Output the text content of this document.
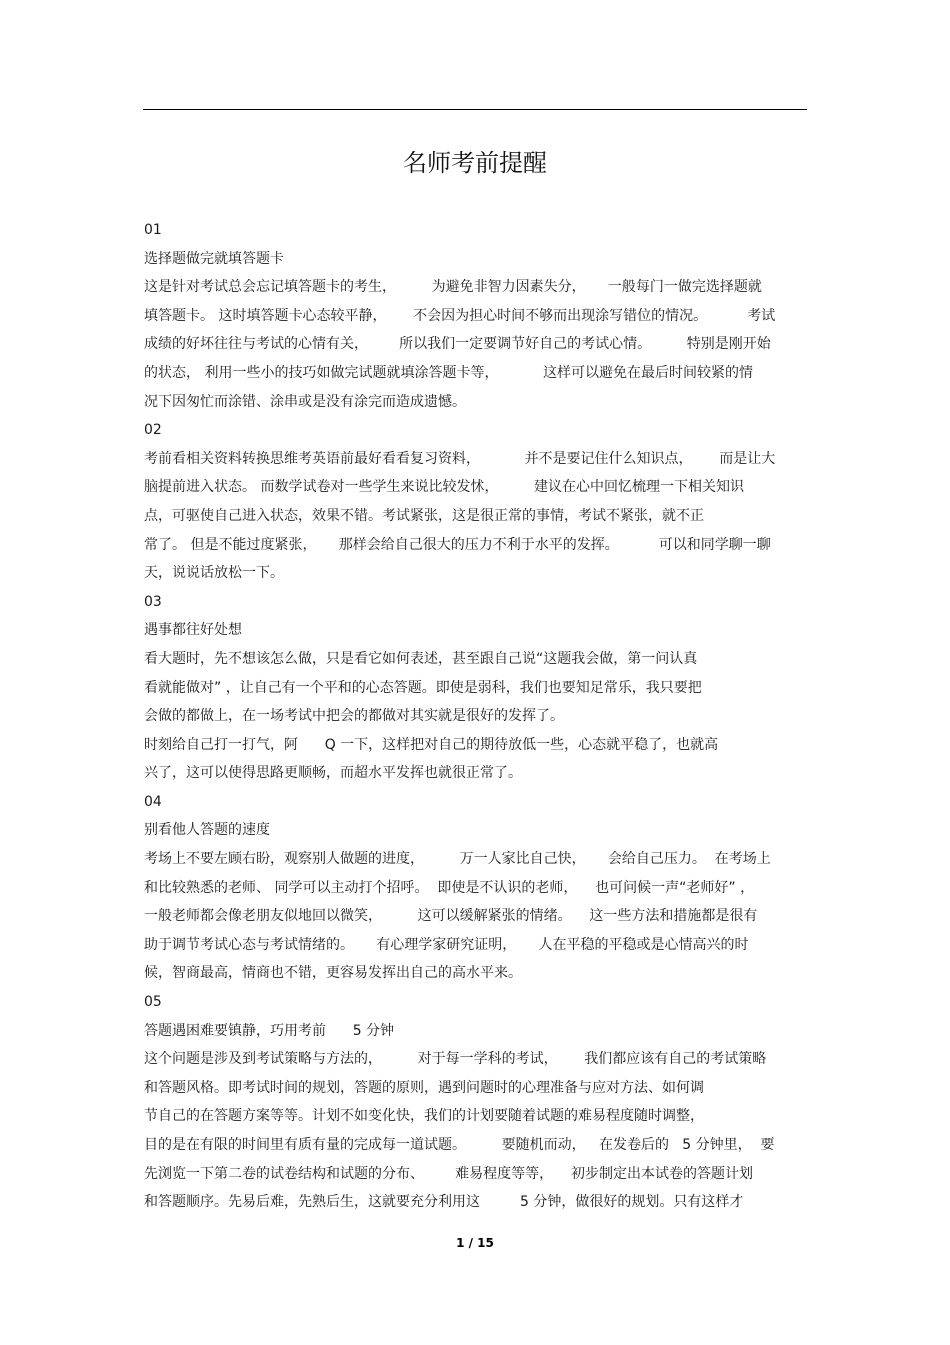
名师考前提醒
01
选择题做完就填答题卡
这是针对考试总会忘记填答题卡的考生，        为避免非智力因素失分，     一般每门一做完选择题就
填答题卡。 这时填答题卡心态较平静，      不会因为担心时间不够而出现涂写错位的情况。         考试
成绩的好坏往往与考试的心情有关，       所以我们一定要调节好自己的考试心情。        特别是刚开始
的状态， 利用一些小的技巧如做完试题就填涂答题卡等，          这样可以避免在最后时间较紧的情
况下因匆忙而涂错、涂串或是没有涂完而造成遗憾。
02
考前看相关资料转换思维考英语前最好看看复习资料，          并不是要记住什么知识点，      而是让大
脑提前进入状态。 而数学试卷对一些学生来说比较发怵，        建议在心中回忆梳理一下相关知识
点，可驱使自己进入状态，效果不错。考试紧张，这是很正常的事情，考试不紧张，就不正
常了。 但是不能过度紧张，     那样会给自己很大的压力不利于水平的发挥。         可以和同学聊一聊
天，说说话放松一下。
03
遇事都往好处想
看大题时，先不想该怎么做，只是看它如何表述，甚至跟自己说“这题我会做，第一问认真
看就能做对” ，让自己有一个平和的心态答题。即使是弱科，我们也要知足常乐，我只要把
会做的都做上，在一场考试中把会的都做对其实就是很好的发挥了。
时刻给自己打一打气，阿      Q 一下，这样把对自己的期待放低一些，心态就平稳了，也就高
兴了，这可以使得思路更顺畅，而超水平发挥也就很正常了。
04
别看他人答题的速度
考场上不要左顾右盼，观察别人做题的进度，        万一人家比自己快，     会给自己压力。  在考场上
和比较熟悉的老师、 同学可以主动打个招呼。  即使是不认识的老师，    也可问候一声“老师好” ，
一般老师都会像老朋友似地回以微笑，        这可以缓解紧张的情绪。    这一些方法和措施都是很有
助于调节考试心态与考试情绪的。     有心理学家研究证明，     人在平稳的平稳或是心情高兴的时
候，智商最高，情商也不错，更容易发挥出自己的高水平来。
05
答题遇困难要镇静，巧用考前      5 分钟
这个问题是涉及到考试策略与方法的，        对于每一学科的考试，      我们都应该有自己的考试策略
和答题风格。即考试时间的规划，答题的原则，遇到问题时的心理准备与应对方法、如何调
节自己的在答题方案等等。计划不如变化快，我们的计划要随着试题的难易程度随时调整，
目的是在有限的时间里有质有量的完成每一道试题。        要随机而动，   在发卷后的   5 分钟里，  要
先浏览一下第二卷的试卷结构和试题的分布、       难易程度等等，    初步制定出本试卷的答题计划
和答题顺序。先易后难，先熟后生，这就要充分利用这         5 分钟，做很好的规划。只有这样才
1 / 15
